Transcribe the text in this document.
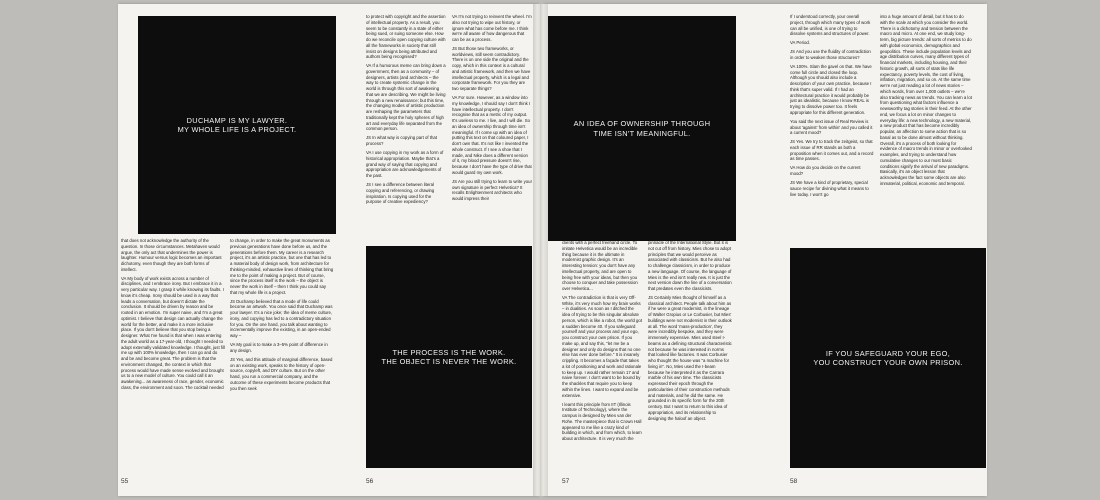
DUCHAMP IS MY LAWYER.
MY WHOLE LIFE IS A PROJECT.

that does not acknowledge the authority of the question. In those circumstances. Metahaven would argue, the only act that undermines the power is laughter. Humour versus logic becomes an important dichotomy, even though they are both forms of intellect.

VA My body of work exists across a number of disciplines, and I embrace irony. But I embrace it in a very particular way. I grasp it while knowing its faults. I know it's cheap. Irony should be used in a way that leads a conversation, but doesn't dictate the conclusion. It should be driven by reason and be rooted in an emotion. I'm super naive, and I'm a great optimist. I believe that design can actually change the world for the better, and make it a more inclusive place. If you don't believe that you stop being a designer. What I've found is that when I was entering the adult world as a 17-year-old, I thought I needed to adopt externally validated knowledge. I thought, just fill me up with 100% knowledge, then I can go and do and be and become great. The problem is that the environment changed, the context in which that process would have made sense evolved and brought us to a new model of culture. You could call it an awakening... an awareness of race, gender, economic class, the environment and soon. The cocktail needed

to change, in order to make the great monuments as previous generations have done before us, and the generations before them. My career is a research project, it's an artistic practice, but one that has led to a material body of design work, from architecture for thinking-minded, exhaustive lines of thinking that bring me to the point of making a project. But of course, since the process itself is the work – the object is never the work in itself – then I think you could say that my whole life is a project.

JS Duchamp believed that a mode of life could become an artwork. You once said that Duchamp was your lawyer. It's a nice joke; the idea of meme culture, irony, and copying has led to a contradictory situation for you. On the one hand, you talk about wanting to incrementally improve the existing, in an open-ended way –

VA My goal is to make a 3–5% point of difference in any design.

JS Yes, and this attitude of marginal difference, based on an existing work, speaks to the history of open-source, copyleft, and DIY culture. But on the other hand, you run a commercial company, and the outcome of these experiments become products that you then seek

55

to protect with copyright and the assertion of intellectual property. As a result, you seem to be constantly in a state of either being sued, or suing someone else. How do we reconcile open copying culture with all the frameworks in society that still insist on designs being attributed and authors being recognised?

VA If a humorous meme can bring down a government, then as a community – of designers, artists (and architects – the way to create systemic change in the world is through this sort of awakening that we are describing. We might be living through a new renaissance; but this time, the changing modes of artistic production are reshaping the parameters that traditionally kept the holy spheres of high art and everyday life separated from the common person.

JS In what way is copying part of that process?

VA I use copying in my work as a form of historical appropriation. Maybe that's a grand way of saying that copying and appropriation are acknowledgements of the past.

JS I see a difference between literal copying and referencing, or drawing inspiration. Is copying used for the purpose of creative expediency?

VA I'm not trying to reinvent the wheel. I'm also not trying to wipe out history, or ignore what has come before me. I think we're all aware of how dangerous that can be as a process.

JS But those two frameworks, or worldviews, still seem contradictory. There is on one side the original and the copy, which in this context is a cultural and artistic framework, and then we have intellectual property, which is a legal and corporate framework. For you they are two separate things?

VA For sure. However, as a window into my knowledge, I should say I don't think I have intellectual property. I don't recognise that as a metric of my output. It's useless to me. I live, and I will die. So an idea of ownership through time isn't meaningful. If I come up with an idea of putting this text on that coloured paper, I don't own that. It's not like I invented the whole construct. If I see a shoe that I made, and Nike does a different version of it, my blood pressure doesn't rise, because I don't have the type of drive that would guard my own work.

JS Are you still trying to learn to write your own signature in perfect Helvetica? It recalls Enlightenment architects who would impress their

THE PROCESS IS THE WORK.
THE OBJECT IS NEVER THE WORK.
56
AN IDEA OF OWNERSHIP THROUGH
TIME ISN'T MEANINGFUL.

clients with a perfect freehand circle. To imitate Helvetica would be an incredible thing because it is the ultimate in modernist graphic design. It's an interesting tension: you don't have any intellectual property, and are open to being free with your ideas, but then you choose to conquer and take possession over Helvetica...

VA The contradiction is that is very Off-White, it's very much how my brain works – in dualities. As soon as I ditched the idea of trying to be this singular absolute person, which is like a robot, the world got a sudden become 40. If you safeguard yourself and your process and your ego, you construct your own prison. If you make up, and say this, "let me be a designer and only do designs that no one else has ever done before." It is insanely crippling. It becomes a façade that takes a lot of positioning and work and rationale to keep up. I would rather remain 17 and naive forever. I don't want to be bound by the shackles that require you to keep within the lines. I want to expand and be extensive.

I learnt this principle from IIT (Illinois Institute of Technology), where the campus is designed by Mies van der Rohe. The masterpiece that is Crown Hall appeared to me like a crazy kind of building in which, and from which, to learn about architecture. It is very much the

pinnacle of the International Style. But it is not cut off from history. Mies chose to adopt principles that we would perceive as associated with classicism. But he also had to challenge classicism, in order to produce a new language. Of course, the language of Mies is the end isn't really new. It is just the next version down the line of a conversation that predates even the classicists.

JS Certainly Mies thought of himself as a classical architect. People talk about him as if he were a great modernist, in the lineage of Walter Gropius or Le Corbusier, but Mies' buildings were not modernist in their outlook at all. The word 'mass-production', they were incredibly bespoke, and they were immensely expensive. Mies used steel I-beams as a defining structural characteristic not because he was interested in norms that looked like factories. It was Corbusier who thought the house was "a machine for living in". No, Mies used the I-beam because he interpreted it as the Carrara marble of his own time. The classicists expressed their epoch through the particularities of their construction methods and materials, and he did the same. He grounded in its specific form for the 20th century. But I want to return to this idea of appropriation, and its relationship to designing the haloof an object.

57

If I understood correctly, your overall project, through which many types of work can all be unified, is one of trying to dissolve systems and structures of power.

VA Period.

JS And you use the fluidity of contradiction in order to weaken those structures?

VA 100%. Slam the gavel on that. We have come full circle and closed the loop. Although you should also include a description of your own practice, because I think that's super valid. If I had an architectural practice it would probably be just as idealistic, because I know REAL is trying to dissolve power too. It feels appropriate for this different generation.

You said the next issue of Real Review is about 'against' from within' and you called it a current mood?

JS Yes. We try to track the zeitgeist, so that each issue of RR stands as both a proposition when it comes out, and a record as time passes.

VA How do you decide on the current mood?

JS We have a kind of proprietary, special sauce recipe for divining what it means to live today. I won't go

into a huge amount of detail, but it has to do with the scale at which you consider the world. There is a dichotomy and tension between the macro and micro. At one end, we study long-term, big picture trends: all sorts of metrics to do with global economics, demographics and geopolitics. These include population levels and age distribution curves, many different types of financial markets, including housing, and their historic growth, all sorts of stats like life expectancy, poverty levels, the cost of living, inflation, migration, and so on. At the same time we're not just reading a lot of news stories – which words, from over 1,000 outlets – we're also tracking news as trends. You can learn a lot from questioning what factors influence a newsworthy tag stories in their feed. At the other end, we focus a lot on minor changes to everyday life: a new technology, a new material, a new product that has become incredibly popular, an affection to some action that is so banal as to be done almost without thinking. Overall, it's a process of both looking for evidence of macro trends in minor or overlooked examples, and trying to understand how cumulative changes to our most basic conditions signify the arrival of new paradigms. Basically, it's an object lesson that acknowledges the fact some objects are also immaterial, political, economic and temporal.

IF YOU SAFEGUARD YOUR EGO,
YOU CONSTRUCT YOUR OWN PRISON.
58
